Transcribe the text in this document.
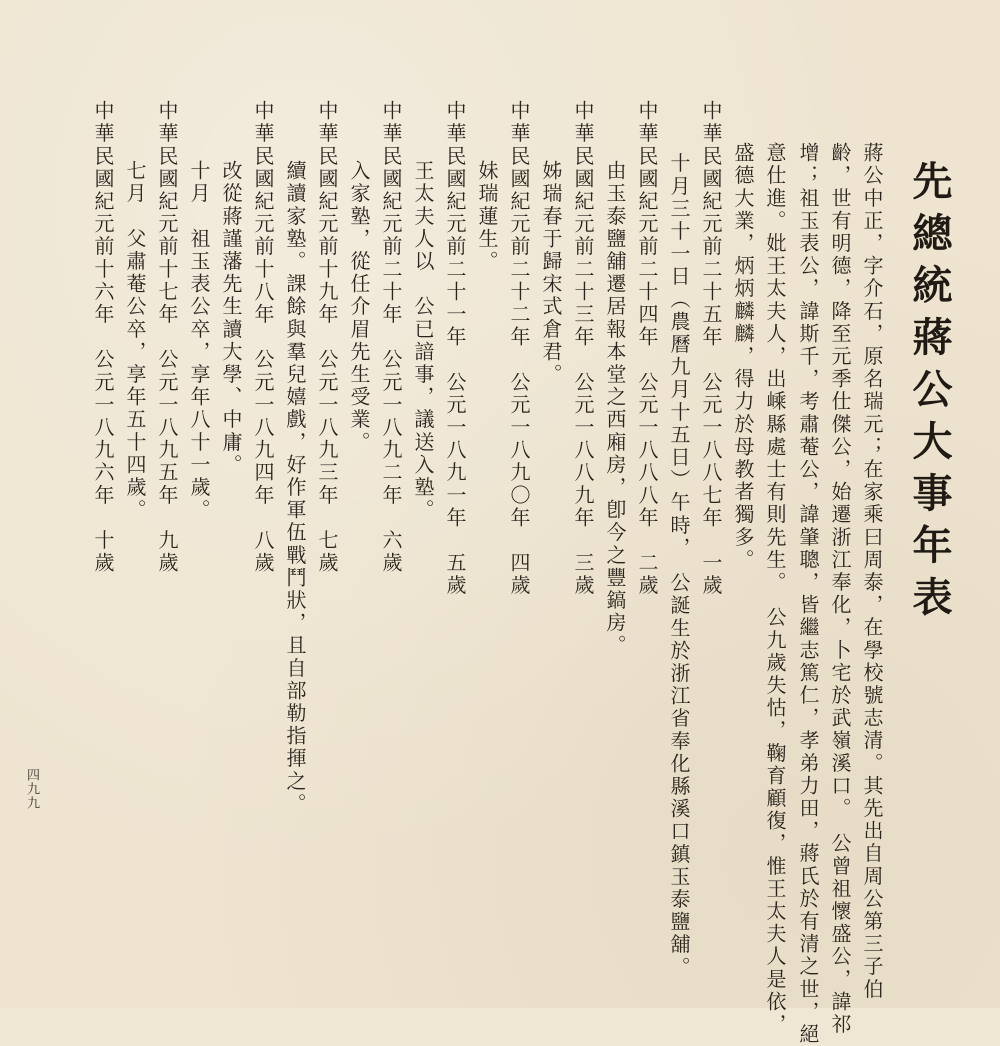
先總統蔣公大事年表
蔣公中正，字介石，原名瑞元；在家乘曰周泰，在學校號志清。其先出自周公第三子伯
齡，世有明德，降至元季仕傑公，始遷浙江奉化，卜宅於武嶺溪口。　公曾祖懷盛公，諱祁
增；祖玉表公，諱斯千，考肅菴公，諱肇聰，皆繼志篤仁，孝弟力田，蔣氏於有清之世，絕
意仕進。妣王太夫人，出嵊縣處士有則先生。　公九歲失怙，鞠育顧復，惟王太夫人是依，
盛德大業，炳炳麟麟，得力於母教者獨多。
中華民國紀元前二十五年　公元一八八七年　一歲
　十月三十一日（農曆九月十五日）午時，　公誕生於浙江省奉化縣溪口鎮玉泰鹽舖。
中華民國紀元前二十四年　公元一八八八年　二歲
由玉泰鹽舖遷居報本堂之西廂房，卽今之豐鎬房。
中華民國紀元前二十三年　公元一八八九年　三歲
姊瑞春于歸宋式倉君。
中華民國紀元前二十二年　公元一八九〇年　四歲
妹瑞蓮生。
中華民國紀元前二十一年　公元一八九一年　五歲
王太夫人以　公已諳事，議送入塾。
中華民國紀元前二十年　公元一八九二年　六歲
入家塾，從任介眉先生受業。
中華民國紀元前十九年　公元一八九三年　七歲
續讀家塾。課餘與羣兒嬉戲，好作軍伍戰鬥狀，且自部勒指揮之。
中華民國紀元前十八年　公元一八九四年　八歲
改從蔣謹藩先生讀大學、中庸。
十月　祖玉表公卒，享年八十一歲。
中華民國紀元前十七年　公元一八九五年　九歲
七月　父肅菴公卒，享年五十四歲。
中華民國紀元前十六年　公元一八九六年　十歲
四九九
